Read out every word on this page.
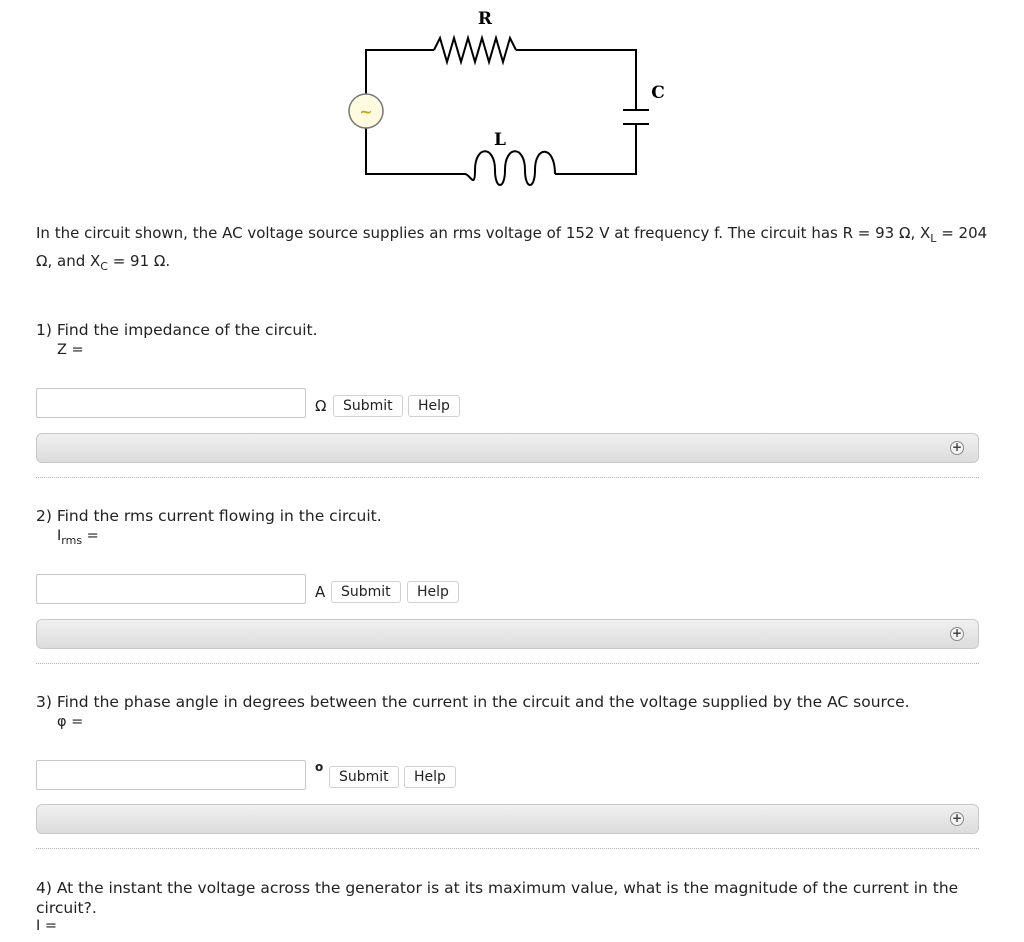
~
R
C
L
In the circuit shown, the AC voltage source supplies an rms voltage of 152 V at frequency f. The circuit has R = 93 Ω, $X_L = 204$ Ω, and $X_C = 91$ Ω.
1) Find the impedance of the circuit.
Z =
Ω	Submit	Help
+
2) Find the rms current flowing in the circuit.
$I_{rms}$ =
A	Submit	Help
+
3) Find the phase angle in degrees between the current in the circuit and the voltage supplied by the AC source.
φ =
o
Submit	Help
+
4) At the instant the voltage across the generator is at its maximum value, what is the magnitude of the current in the circuit?.
I =
